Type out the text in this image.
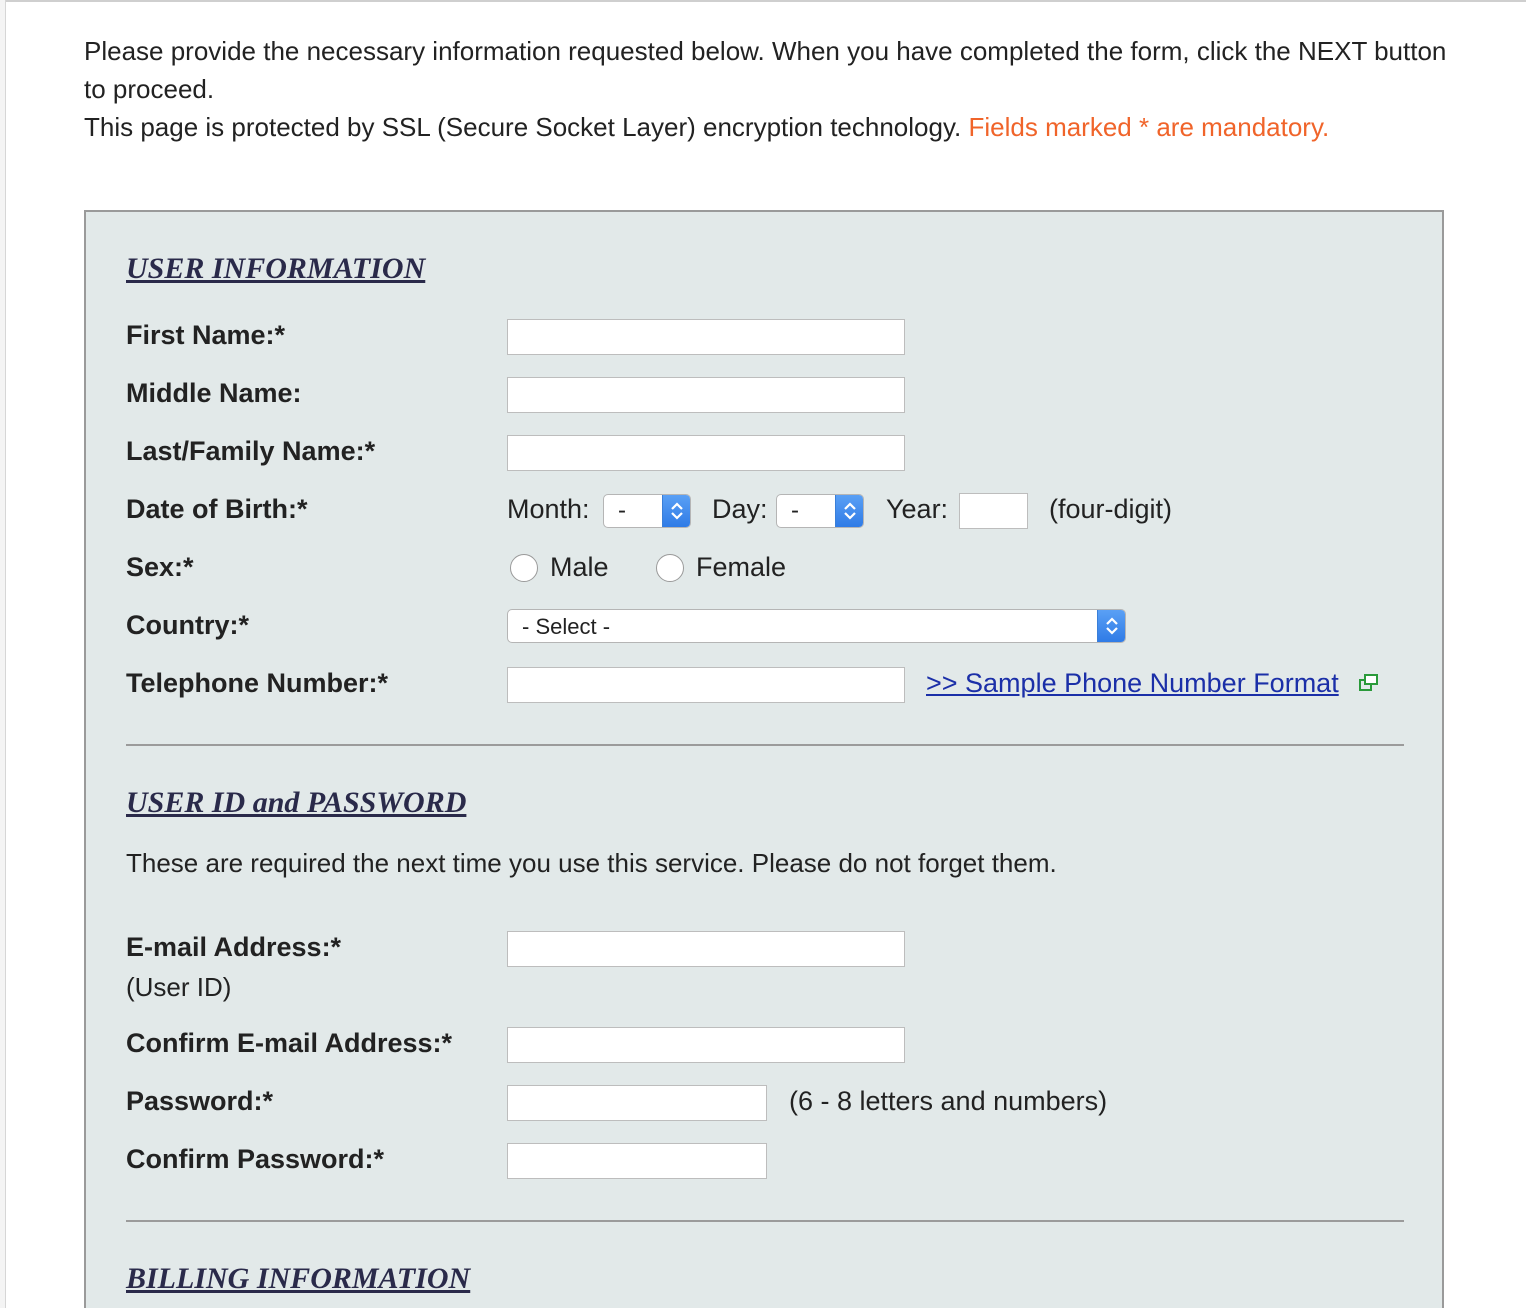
Please provide the necessary information requested below. When you have completed the form, click the NEXT button to proceed.
This page is protected by SSL (Secure Socket Layer) encryption technology. Fields marked * are mandatory.
USER INFORMATION
First Name:*
Middle Name:
Last/Family Name:*
Date of Birth:*	Month: -	Day: -	Year:	(four-digit)
Sex:*	Male	Female
Country:*	- Select -
Telephone Number:*	>> Sample Phone Number Format
USER ID and PASSWORD
These are required the next time you use this service. Please do not forget them.
E-mail Address:*
(User ID)
Confirm E-mail Address:*
Password:*	(6 - 8 letters and numbers)
Confirm Password:*
BILLING INFORMATION
